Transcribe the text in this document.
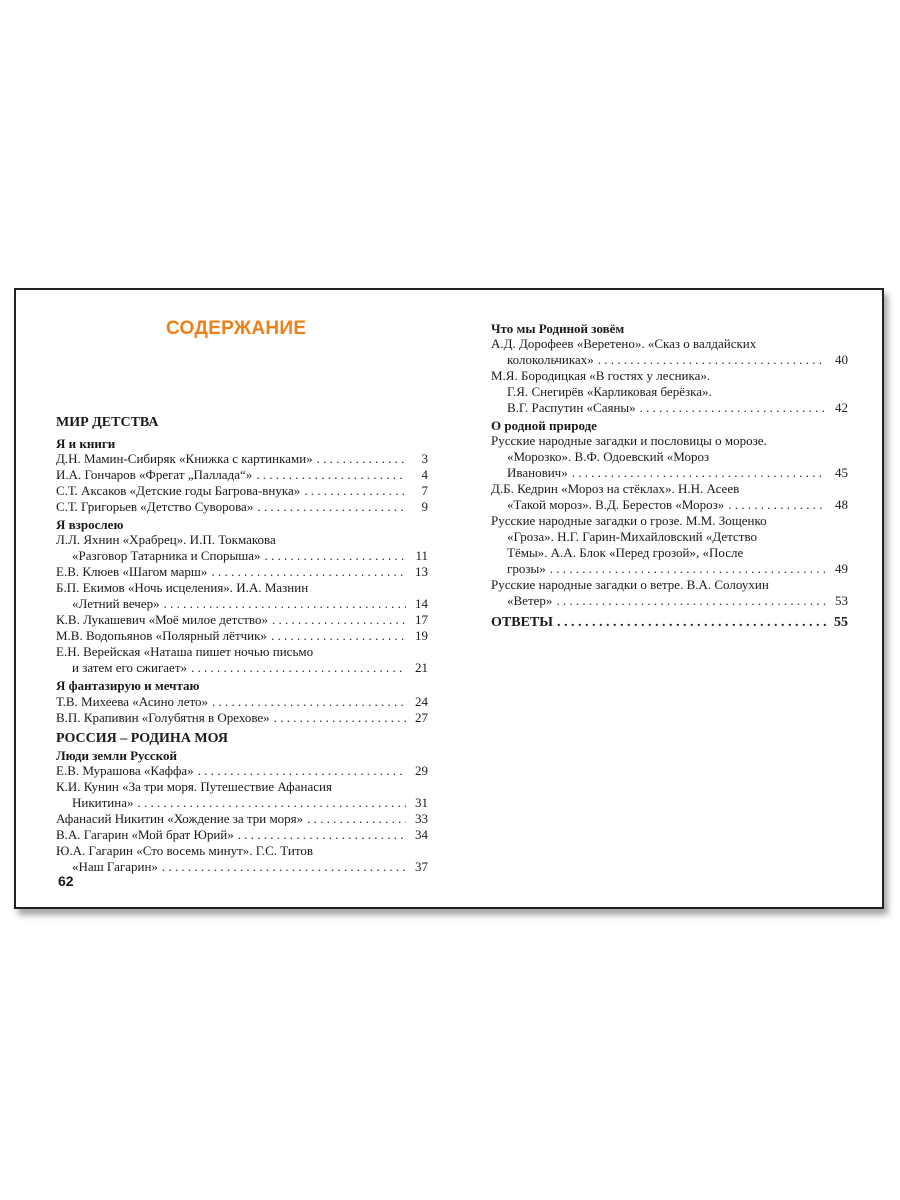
СОДЕРЖАНИЕ
МИР ДЕТСТВА
Я и книги
Д.Н. Мамин-Сибиряк «Книжка с картинками» . . .	3
И.А. Гончаров «Фрегат „Паллада“» . . .	4
С.Т. Аксаков «Детские годы Багрова-внука» . . .	7
С.Т. Григорьев «Детство Суворова» . . .	9
Я взрослею
Л.Л. Яхнин «Храбрец». И.П. Токмакова
«Разговор Татарника и Спорыша» . . .	11
Е.В. Клюев «Шагом марш» . . .	13
Б.П. Екимов «Ночь исцеления». И.А. Мазнин
«Летний вечер» . . .	14
К.В. Лукашевич «Моё милое детство» . . .	17
М.В. Водопьянов «Полярный лётчик» . . .	19
Е.Н. Верейская «Наташа пишет ночью письмо
и затем его сжигает» . . .	21
Я фантазирую и мечтаю
Т.В. Михеева «Асино лето» . . .	24
В.П. Крапивин «Голубятня в Орехове» . . .	27
РОССИЯ – РОДИНА МОЯ
Люди земли Русской
Е.В. Мурашова «Каффа» . . .	29
К.И. Кунин «За три моря. Путешествие Афанасия
Никитина» . . .	31
Афанасий Никитин «Хождение за три моря» . . .	33
В.А. Гагарин «Мой брат Юрий» . . .	34
Ю.А. Гагарин «Сто восемь минут». Г.С. Титов
«Наш Гагарин» . . .	37
Что мы Родиной зовём
А.Д. Дорофеев «Веретено». «Сказ о валдайских
колокольчиках» . . .	40
М.Я. Бородицкая «В гостях у лесника».
Г.Я. Снегирёв «Карликовая берёзка».
В.Г. Распутин «Саяны» . . .	42
О родной природе
Русские народные загадки и пословицы о морозе.
«Морозко». В.Ф. Одоевский «Мороз
Иванович» . . .	45
Д.Б. Кедрин «Мороз на стёклах». Н.Н. Асеев
«Такой мороз». В.Д. Берестов «Мороз» . . .	48
Русские народные загадки о грозе. М.М. Зощенко
«Гроза». Н.Г. Гарин-Михайловский «Детство
Тёмы». А.А. Блок «Перед грозой», «После
грозы» . . .	49
Русские народные загадки о ветре. В.А. Солоухин
«Ветер» . . .	53
ОТВЕТЫ . . .	55
62
